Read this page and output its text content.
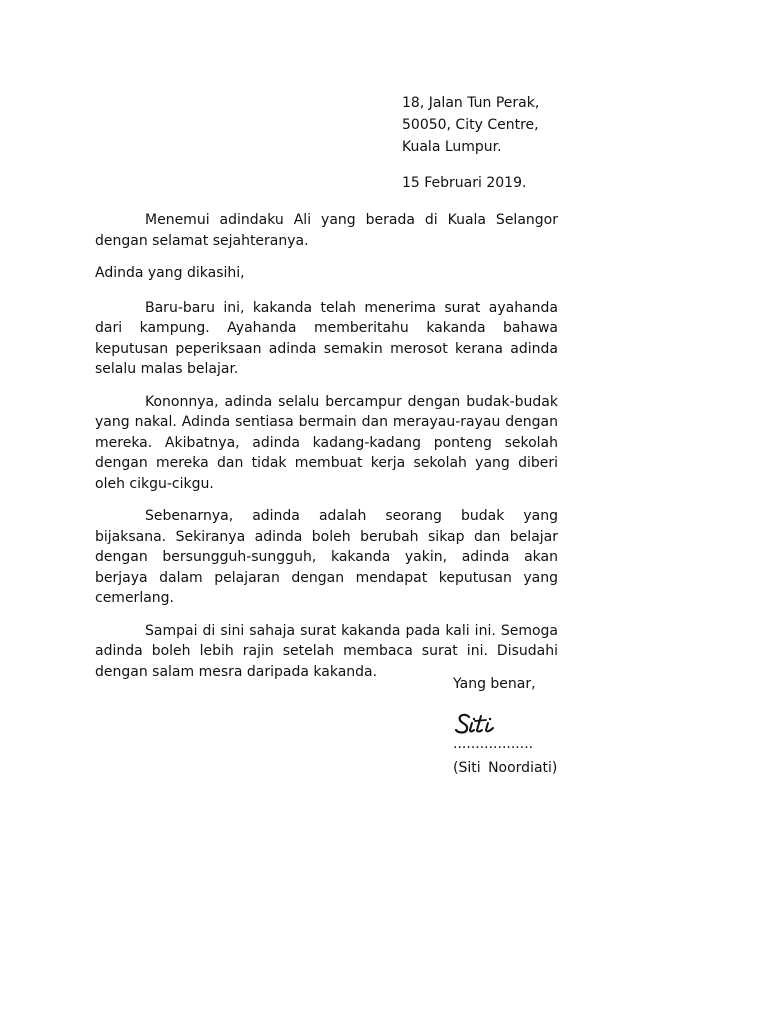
18, Jalan Tun Perak,
50050, City Centre,
Kuala Lumpur.
15 Februari 2019.

Menemui adindaku Ali yang berada di Kuala Selangor dengan selamat sejahteranya.

Adinda yang dikasihi,

Baru-baru ini, kakanda telah menerima surat ayahanda dari kampung. Ayahanda memberitahu kakanda bahawa keputusan peperiksaan adinda semakin merosot kerana adinda selalu malas belajar.

Kononnya, adinda selalu bercampur dengan budak-budak yang nakal. Adinda sentiasa bermain dan merayau-rayau dengan mereka. Akibatnya, adinda kadang-kadang ponteng sekolah dengan mereka dan tidak membuat kerja sekolah yang diberi oleh cikgu-cikgu.

Sebenarnya, adinda adalah seorang budak yang bijaksana. Sekiranya adinda boleh berubah sikap dan belajar dengan bersungguh-sungguh, kakanda yakin, adinda akan berjaya dalam pelajaran dengan mendapat keputusan yang cemerlang.

Sampai di sini sahaja surat kakanda pada kali ini. Semoga adinda boleh lebih rajin setelah membaca surat ini. Disudahi dengan salam mesra daripada kakanda.

Yang benar,
..................
(Siti Noordiati)
